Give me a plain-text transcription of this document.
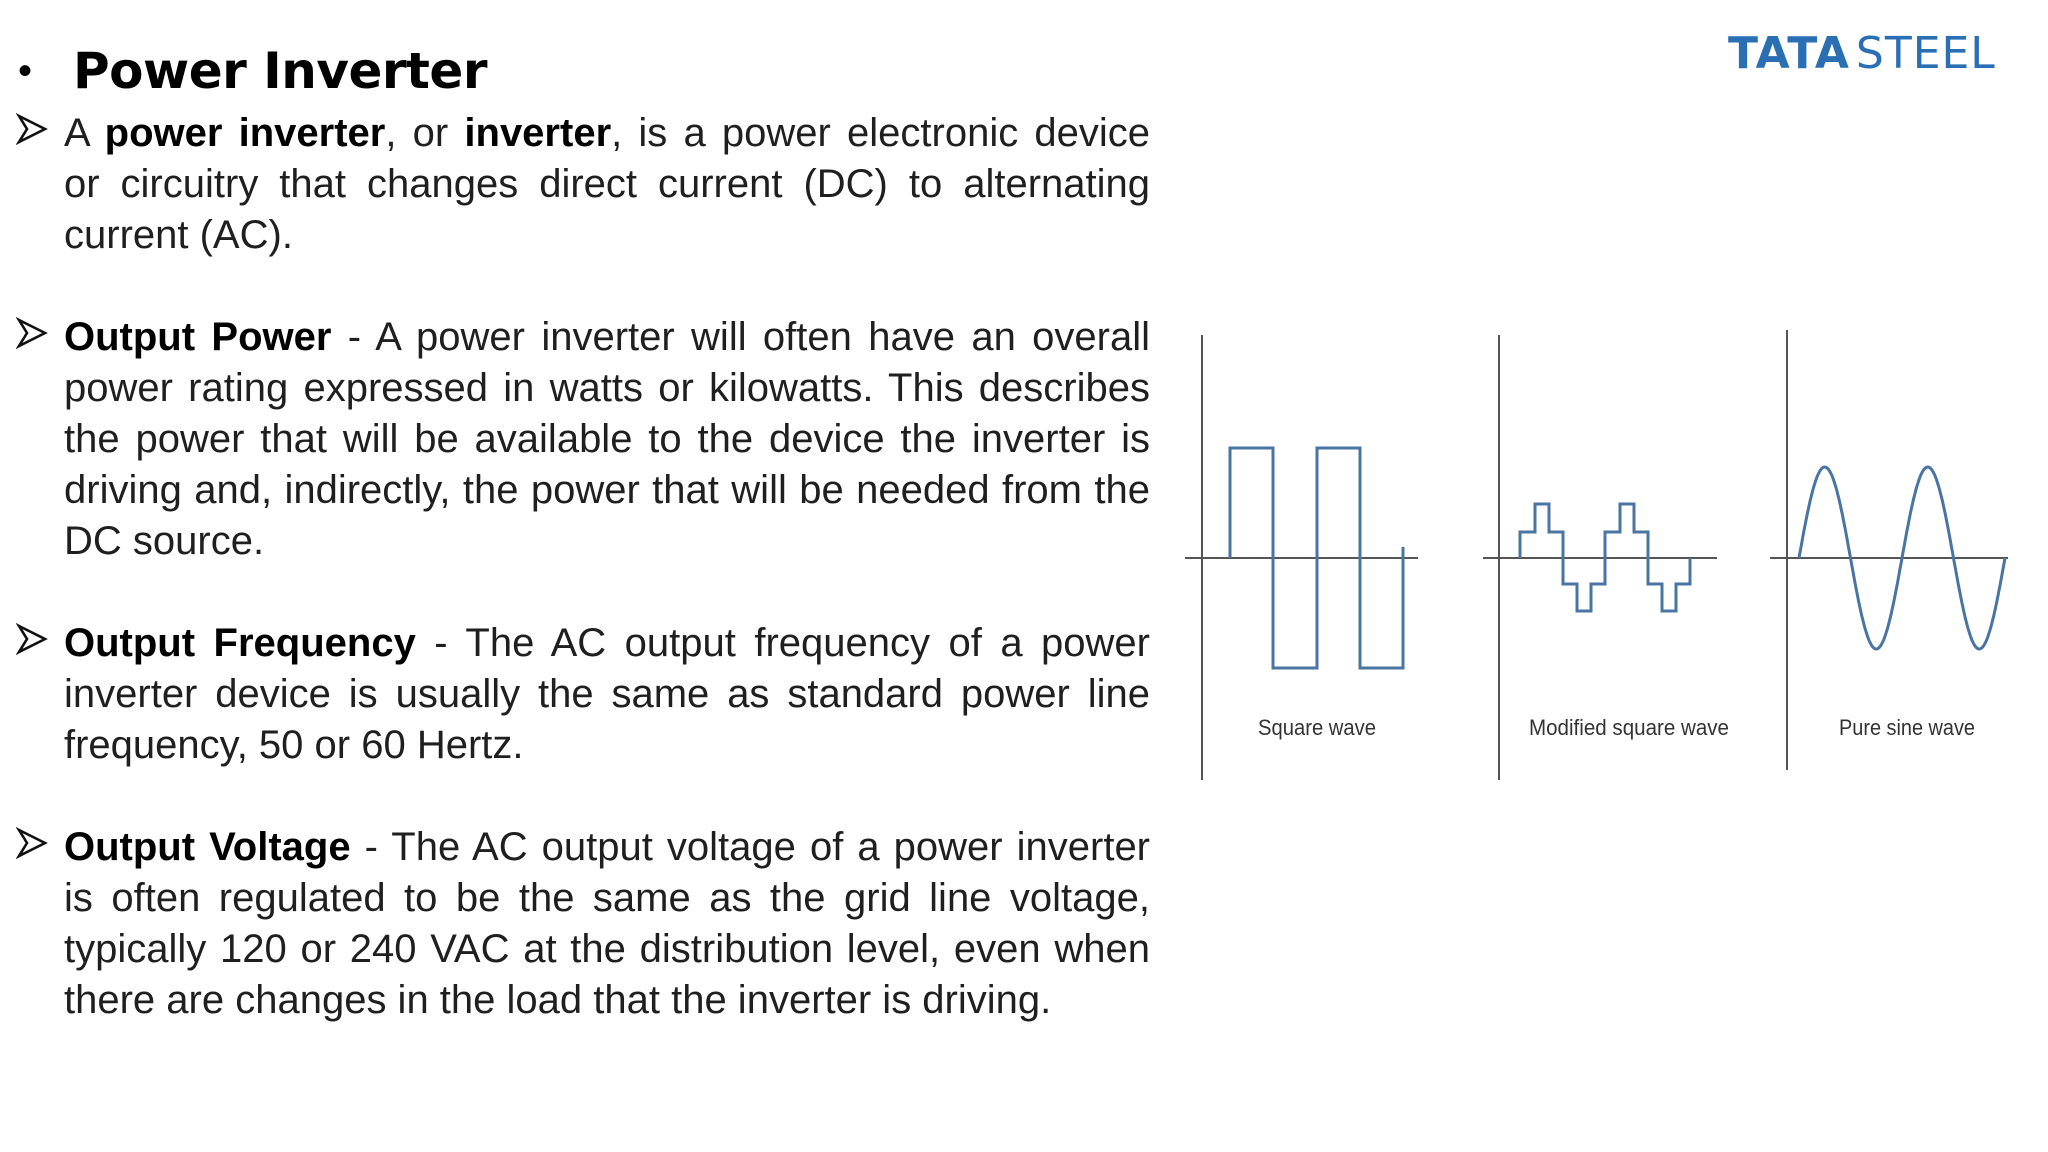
TATA STEEL
• Power Inverter

A power inverter, or inverter, is a power electronic device or circuitry that changes direct current (DC) to alternating current (AC).

Output Power - A power inverter will often have an overall power rating expressed in watts or kilowatts. This describes the power that will be available to the device the inverter is driving and, indirectly, the power that will be needed from the DC source.

Output Frequency - The AC output frequency of a power inverter device is usually the same as standard power line frequency, 50 or 60 Hertz.

Output Voltage - The AC output voltage of a power inverter is often regulated to be the same as the grid line voltage, typically 120 or 240 VAC at the distribution level, even when there are changes in the load that the inverter is driving.

Square wave	Modified square wave	Pure sine wave
